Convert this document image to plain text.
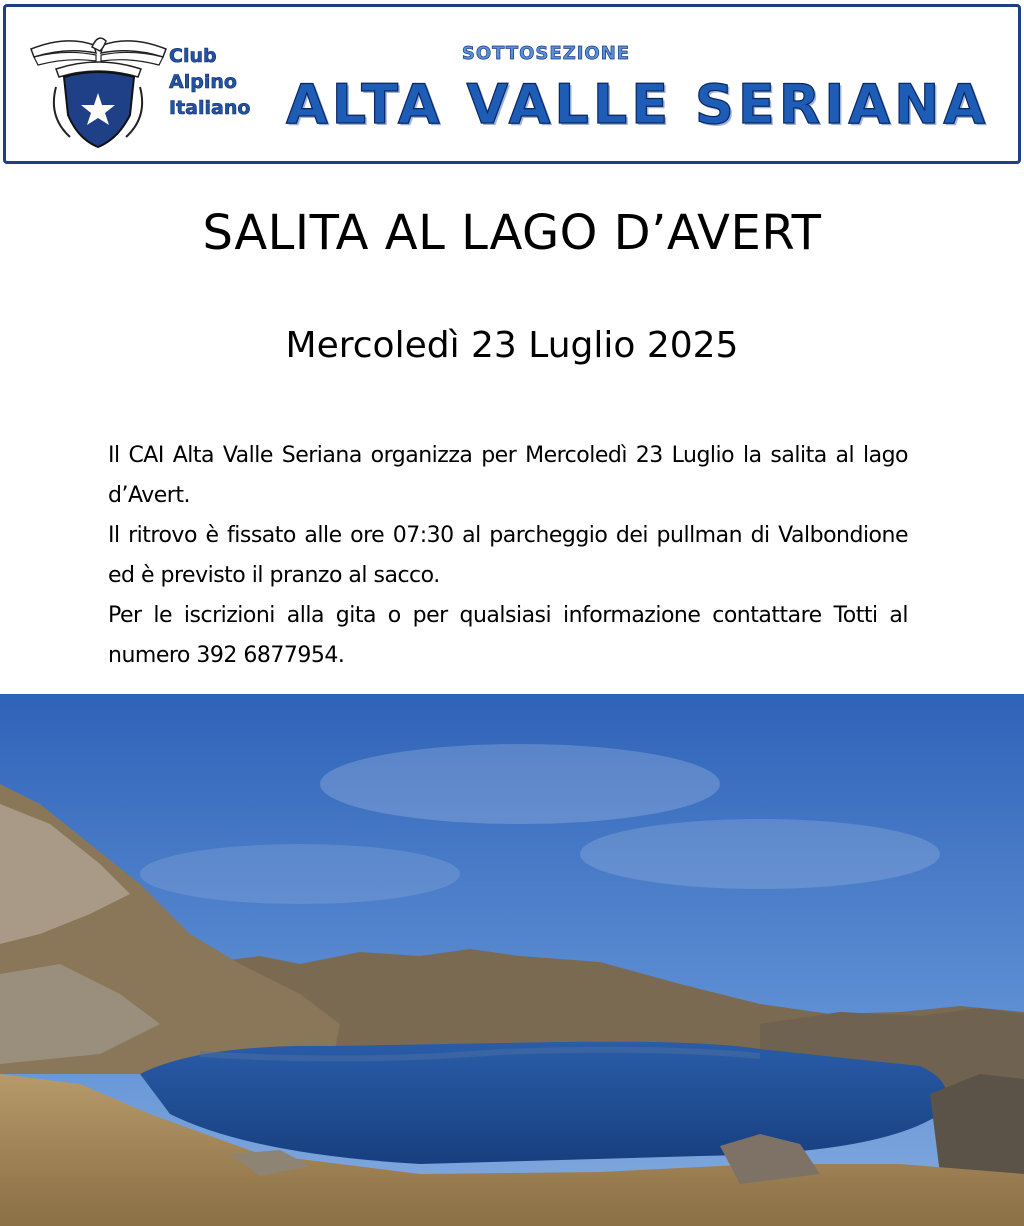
Club
Alpino
Italiano
SOTTOSEZIONE
ALTA VALLE SERIANA
SALITA AL LAGO D’AVERT
Mercoledì 23 Luglio 2025

Il CAI Alta Valle Seriana organizza per Mercoledì 23 Luglio la salita al lago d’Avert.

Il ritrovo è fissato alle ore 07:30 al parcheggio dei pullman di Valbondione ed è previsto il pranzo al sacco.

Per le iscrizioni alla gita o per qualsiasi informazione contattare Totti al numero 392 6877954.
